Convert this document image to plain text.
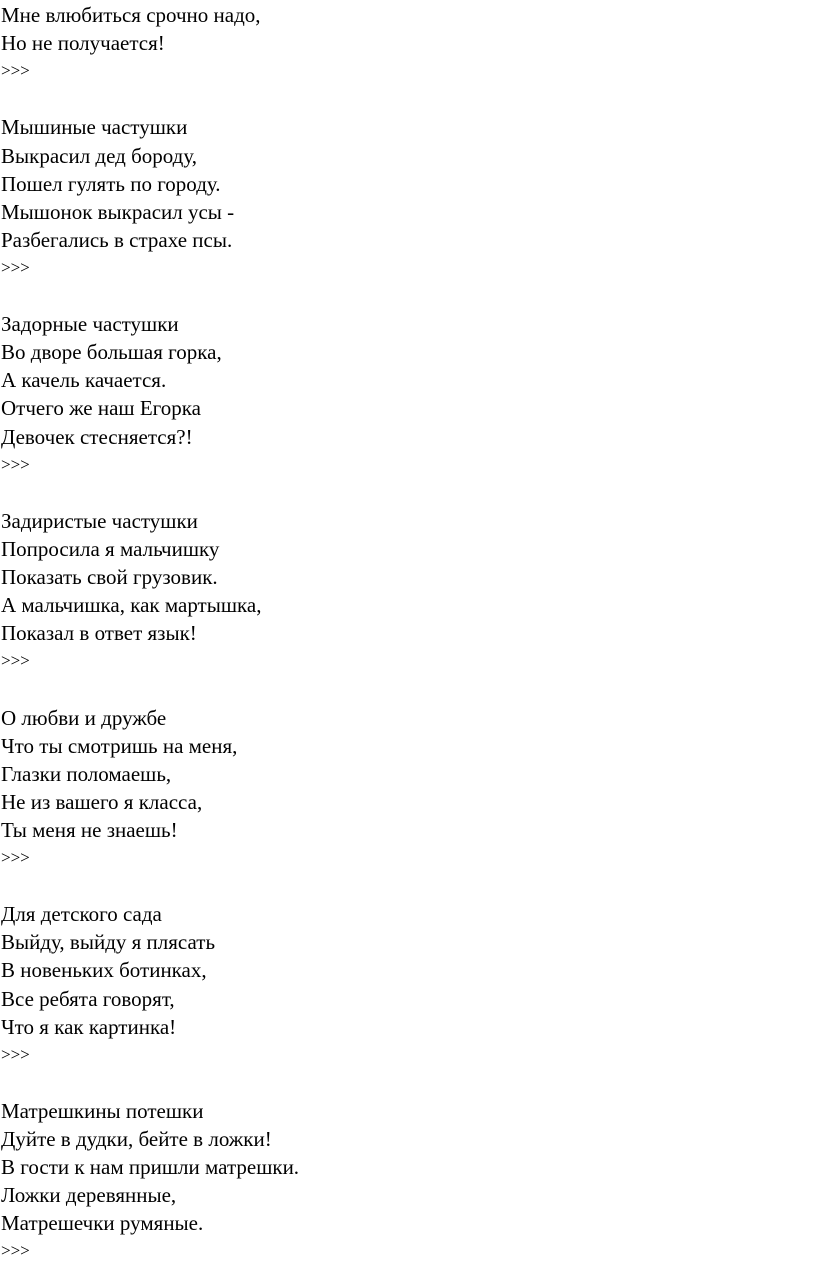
Мне влюбиться срочно надо,
Но не получается!
>>>
Мышиные частушки
Выкрасил дед бороду,
Пошел гулять по городу.
Мышонок выкрасил усы -
Разбегались в страхе псы.
>>>
Задорные частушки
Во дворе большая горка,
А качель качается.
Отчего же наш Егорка
Девочек стесняется?!
>>>
Задиристые частушки
Попросила я мальчишку
Показать свой грузовик.
А мальчишка, как мартышка,
Показал в ответ язык!
>>>
О любви и дружбе
Что ты смотришь на меня,
Глазки поломаешь,
Не из вашего я класса,
Ты меня не знаешь!
>>>
Для детского сада
Выйду, выйду я плясать
В новеньких ботинках,
Все ребята говорят,
Что я как картинка!
>>>
Матрешкины потешки
Дуйте в дудки, бейте в ложки!
В гости к нам пришли матрешки.
Ложки деревянные,
Матрешечки румяные.
>>>
